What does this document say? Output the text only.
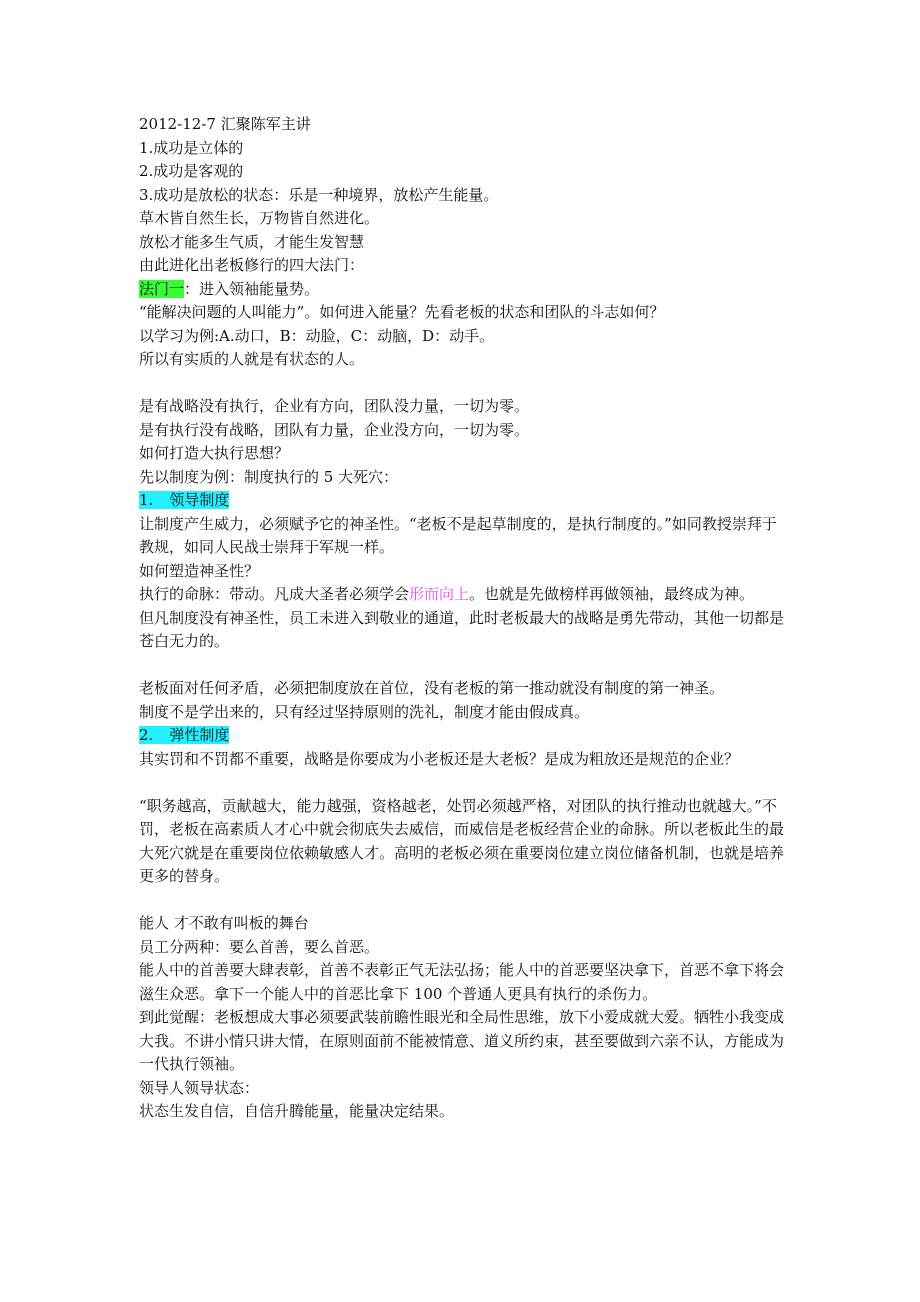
2012-12-7 汇聚陈军主讲

1.成功是立体的

2.成功是客观的

3.成功是放松的状态：乐是一种境界，放松产生能量。

草木皆自然生长，万物皆自然进化。

放松才能多生气质，才能生发智慧

由此进化出老板修行的四大法门：

法门一：进入领袖能量势。

“能解决问题的人叫能力”。如何进入能量？先看老板的状态和团队的斗志如何？

以学习为例:A.动口，B：动脸，C：动脑，D：动手。

所以有实质的人就是有状态的人。

是有战略没有执行，企业有方向，团队没力量，一切为零。

是有执行没有战略，团队有力量，企业没方向，一切为零。

如何打造大执行思想？

先以制度为例：制度执行的 5 大死穴：

1. 领导制度

让制度产生威力，必须赋予它的神圣性。“老板不是起草制度的，是执行制度的。”如同教授崇拜于教规，如同人民战士崇拜于军规一样。

如何塑造神圣性？

执行的命脉：带动。凡成大圣者必须学会形而向上。也就是先做榜样再做领袖，最终成为神。

但凡制度没有神圣性，员工未进入到敬业的通道，此时老板最大的战略是勇先带动，其他一切都是苍白无力的。

老板面对任何矛盾，必须把制度放在首位，没有老板的第一推动就没有制度的第一神圣。

制度不是学出来的，只有经过坚持原则的洗礼，制度才能由假成真。

2. 弹性制度

其实罚和不罚都不重要，战略是你要成为小老板还是大老板？是成为粗放还是规范的企业？

“职务越高，贡献越大，能力越强，资格越老，处罚必须越严格，对团队的执行推动也就越大。”不罚，老板在高素质人才心中就会彻底失去威信，而威信是老板经营企业的命脉。所以老板此生的最大死穴就是在重要岗位依赖敏感人才。高明的老板必须在重要岗位建立岗位储备机制，也就是培养更多的替身。

能人 才不敢有叫板的舞台

员工分两种：要么首善，要么首恶。

能人中的首善要大肆表彰，首善不表彰正气无法弘扬；能人中的首恶要坚决拿下，首恶不拿下将会滋生众恶。拿下一个能人中的首恶比拿下 100 个普通人更具有执行的杀伤力。

到此觉醒：老板想成大事必须要武装前瞻性眼光和全局性思维，放下小爱成就大爱。牺牲小我变成大我。不讲小情只讲大情，在原则面前不能被情意、道义所约束，甚至要做到六亲不认，方能成为一代执行领袖。

领导人领导状态：

状态生发自信，自信升腾能量，能量决定结果。
